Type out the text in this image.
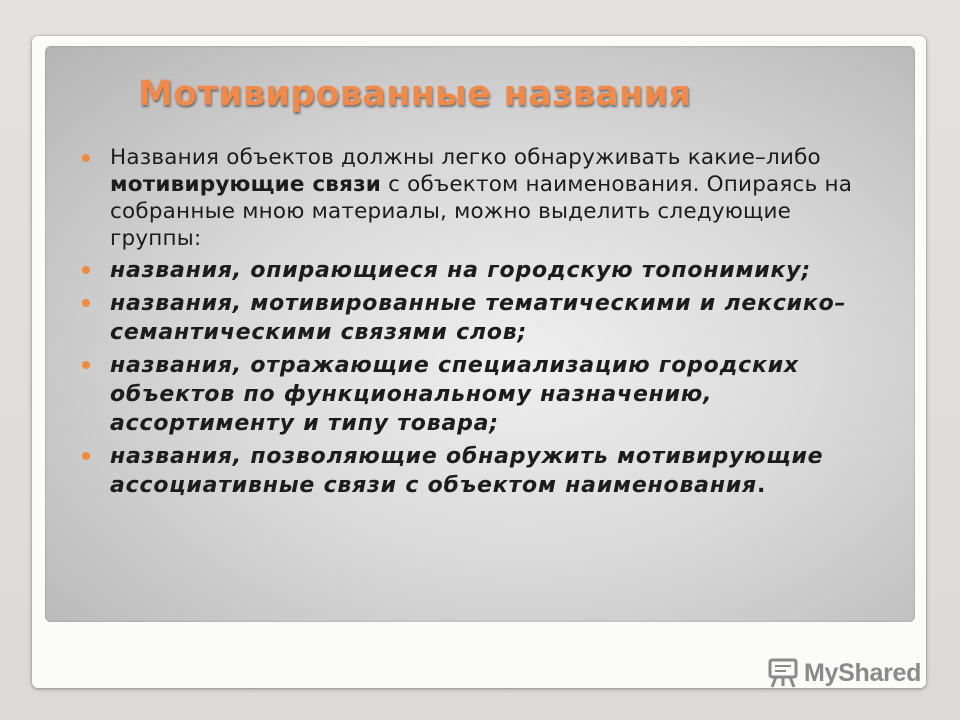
Мотивированные названия
Названия объектов должны легко обнаруживать какие–либо мотивирующие связи с объектом наименования. Опираясь на собранные мною материалы, можно выделить следующие группы:
названия, опирающиеся на городскую топонимику;
названия, мотивированные тематическими и лексико–семантическими связями слов;
названия, отражающие специализацию городских объектов по функциональному назначению, ассортименту и типу товара;
названия, позволяющие обнаружить мотивирующие ассоциативные связи с объектом наименования.
MyShared
